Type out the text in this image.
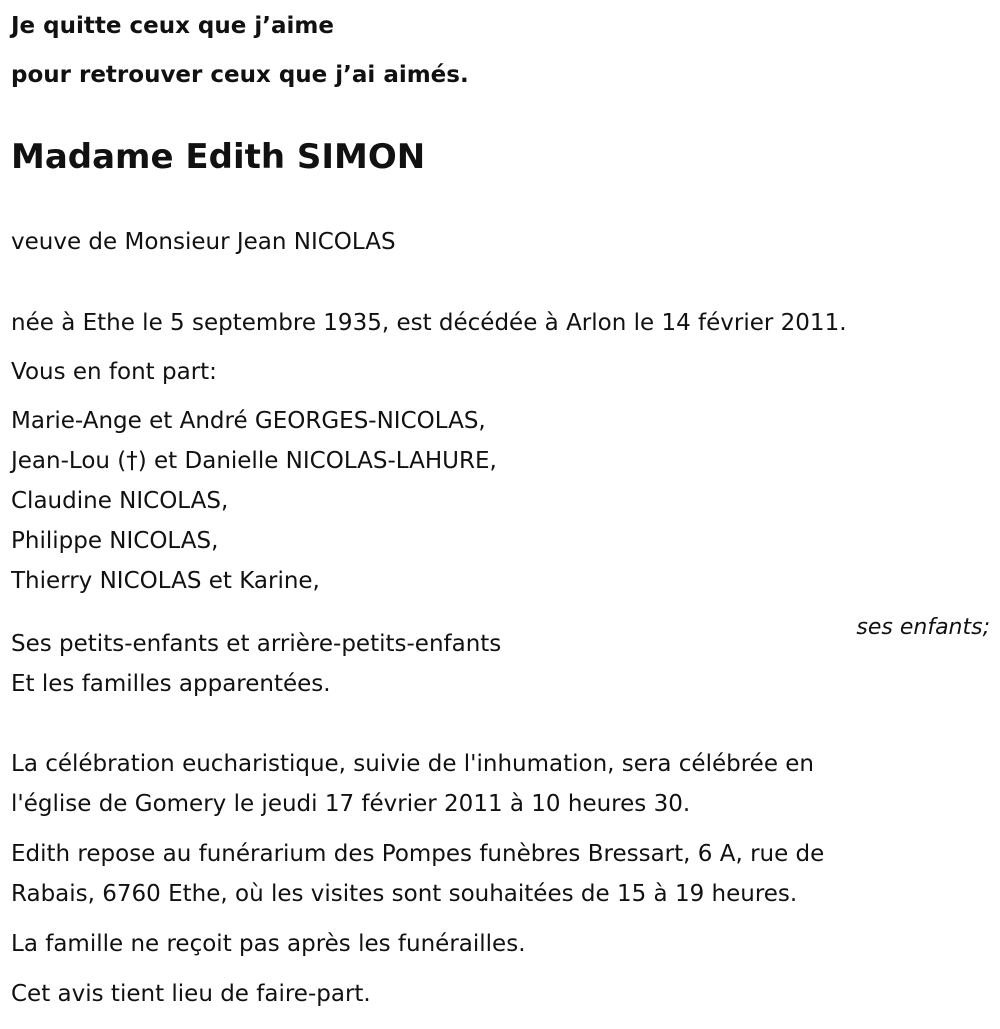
Je quitte ceux que j’aime

pour retrouver ceux que j’ai aimés.

Madame Edith SIMON

veuve de Monsieur Jean NICOLAS

née à Ethe le 5 septembre 1935, est décédée à Arlon le 14 février 2011.

Vous en font part:

Marie-Ange et André GEORGES-NICOLAS,

Jean-Lou (†) et Danielle NICOLAS-LAHURE,

Claudine NICOLAS,

Philippe NICOLAS,

Thierry NICOLAS et Karine,

ses enfants;

Ses petits-enfants et arrière-petits-enfants

Et les familles apparentées.

La célébration eucharistique, suivie de l'inhumation, sera célébrée en

l'église de Gomery le jeudi 17 février 2011 à 10 heures 30.

Edith repose au funérarium des Pompes funèbres Bressart, 6 A, rue de

Rabais, 6760 Ethe, où les visites sont souhaitées de 15 à 19 heures.

La famille ne reçoit pas après les funérailles.

Cet avis tient lieu de faire-part.
